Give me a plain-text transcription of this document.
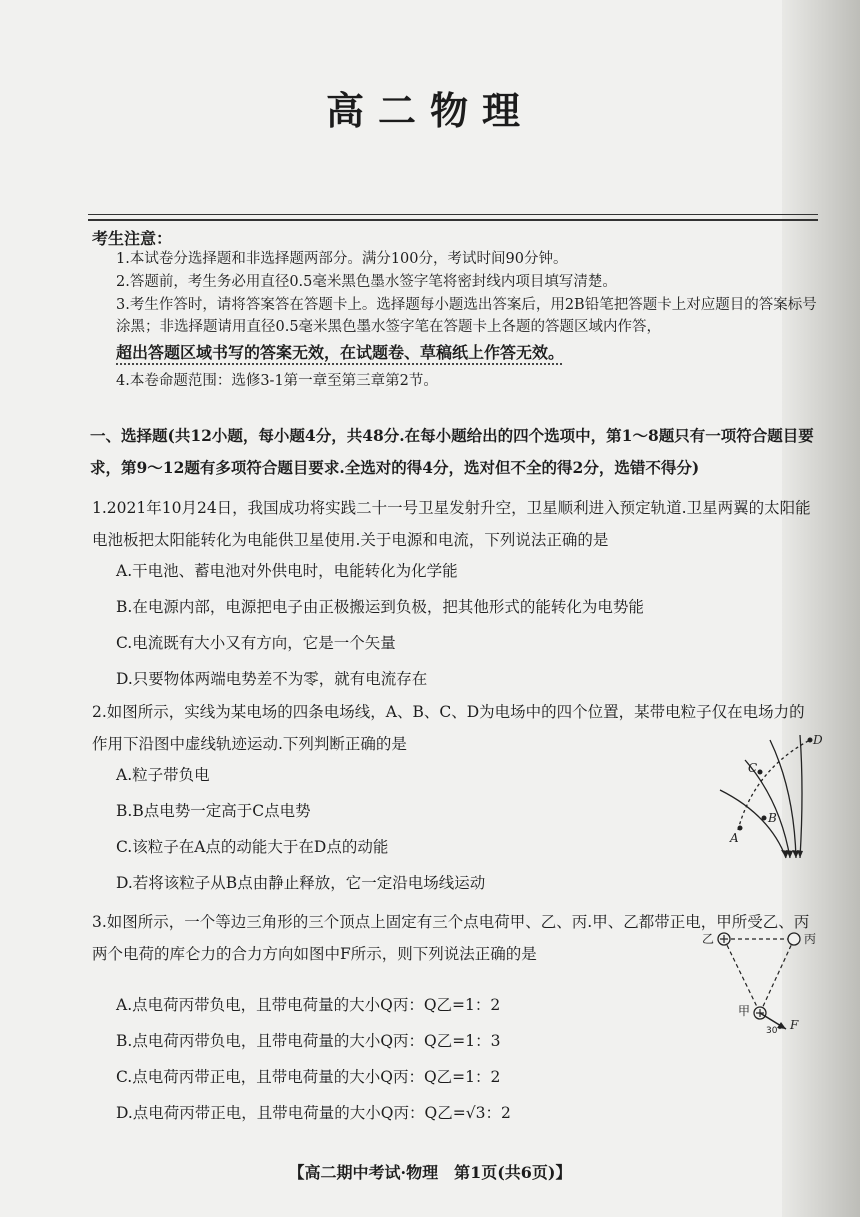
高二物理
考生注意：
1.本试卷分选择题和非选择题两部分。满分100分，考试时间90分钟。
2.答题前，考生务必用直径0.5毫米黑色墨水签字笔将密封线内项目填写清楚。
3.考生作答时，请将答案答在答题卡上。选择题每小题选出答案后，用2B铅笔把答题卡上对应题目的答案标号涂黑；非选择题请用直径0.5毫米黑色墨水签字笔在答题卡上各题的答题区域内作答，
超出答题区域书写的答案无效，在试题卷、草稿纸上作答无效。
4.本卷命题范围：选修3-1第一章至第三章第2节。
一、选择题(共12小题，每小题4分，共48分.在每小题给出的四个选项中，第1～8题只有一项符合题目要求，第9～12题有多项符合题目要求.全选对的得4分，选对但不全的得2分，选错不得分)
1.2021年10月24日，我国成功将实践二十一号卫星发射升空，卫星顺利进入预定轨道.卫星两翼的太阳能电池板把太阳能转化为电能供卫星使用.关于电源和电流，下列说法正确的是
A.干电池、蓄电池对外供电时，电能转化为化学能
B.在电源内部，电源把电子由正极搬运到负极，把其他形式的能转化为电势能
C.电流既有大小又有方向，它是一个矢量
D.只要物体两端电势差不为零，就有电流存在
2.如图所示，实线为某电场的四条电场线，A、B、C、D为电场中的四个位置，某带电粒子仅在电场力的作用下沿图中虚线轨迹运动.下列判断正确的是
A.粒子带负电
B.B点电势一定高于C点电势
C.该粒子在A点的动能大于在D点的动能
D.若将该粒子从B点由静止释放，它一定沿电场线运动
D
C
B
A
3.如图所示，一个等边三角形的三个顶点上固定有三个点电荷甲、乙、丙.甲、乙都带正电，甲所受乙、丙两个电荷的库仑力的合力方向如图中F所示，则下列说法正确的是
A.点电荷丙带负电，且带电荷量的大小Q丙：Q乙=1：2
B.点电荷丙带负电，且带电荷量的大小Q丙：Q乙=1：3
C.点电荷丙带正电，且带电荷量的大小Q丙：Q乙=1：2
D.点电荷丙带正电，且带电荷量的大小Q丙：Q乙=√3：2
乙	丙
甲
30° F
【高二期中考试·物理　第1页(共6页)】
